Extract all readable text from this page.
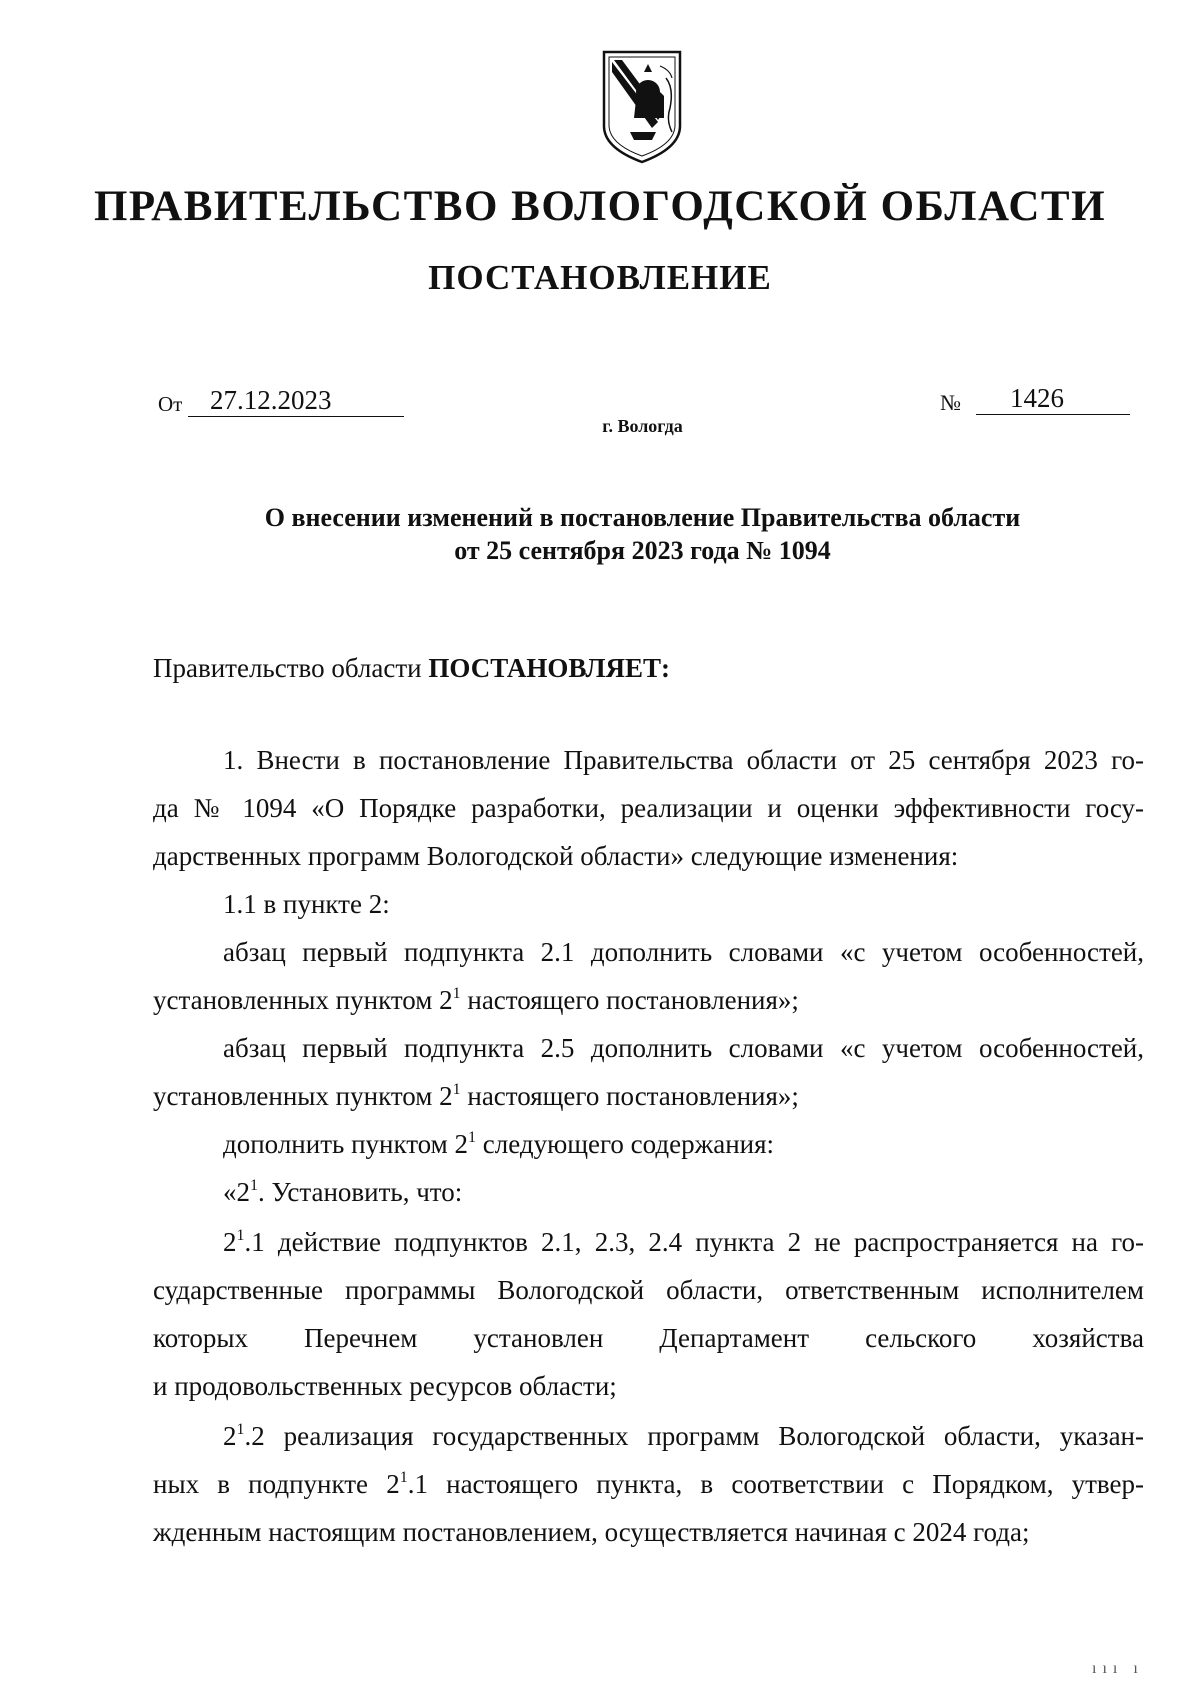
ПРАВИТЕЛЬСТВО ВОЛОГОДСКОЙ ОБЛАСТИ
ПОСТАНОВЛЕНИЕ
От	27.12.2023	№	1426
г. Вологда
О внесении изменений в постановление Правительства области
от 25 сентября 2023 года № 1094
Правительство области ПОСТАНОВЛЯЕТ:
1. Внести в постановление Правительства области от 25 сентября 2023 го-
да № 1094 «О Порядке разработки, реализации и оценки эффективности госу-
дарственных программ Вологодской области» следующие изменения:
1.1 в пункте 2:
абзац первый подпункта 2.1 дополнить словами «с учетом особенностей,
установленных пунктом $2^1$ настоящего постановления»;
абзац первый подпункта 2.5 дополнить словами «с учетом особенностей,
установленных пунктом $2^1$ настоящего постановления»;
дополнить пунктом $2^1$ следующего содержания:
«$2^1$. Установить, что:
$2^1.1$ действие подпунктов 2.1, 2.3, 2.4 пункта 2 не распространяется на го-
сударственные программы Вологодской области, ответственным исполнителем
которых Перечнем установлен Департамент сельского хозяйства
и продовольственных ресурсов области;
$2^1.2$ реализация государственных программ Вологодской области, указан-
ных в подпункте $2^1.1$ настоящего пункта, в соответствии с Порядком, утвер-
жденным настоящим постановлением, осуществляется начиная с 2024 года;
ııı ı
